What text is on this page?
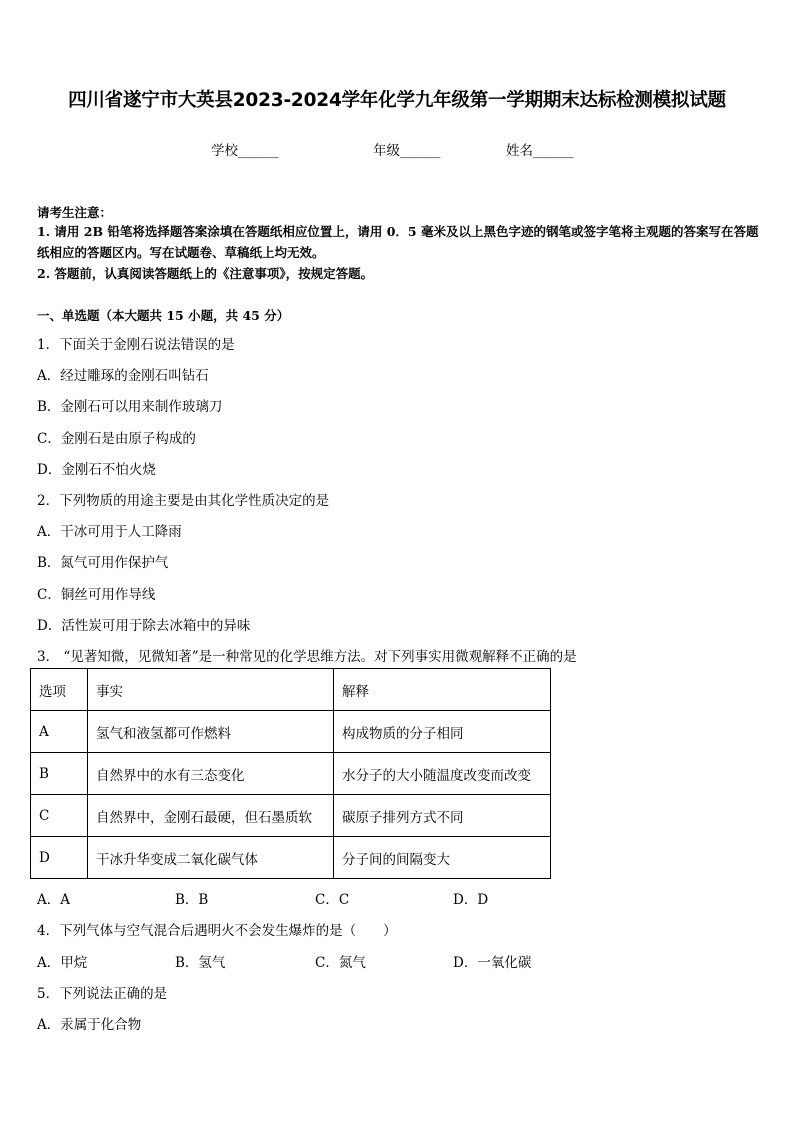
四川省遂宁市大英县2023-2024学年化学九年级第一学期期末达标检测模拟试题
学校______	年级______	姓名______
请考生注意：
1. 请用 2B 铅笔将选择题答案涂填在答题纸相应位置上，请用 0．5 毫米及以上黑色字迹的钢笔或签字笔将主观题的答案写在答题纸相应的答题区内。写在试题卷、草稿纸上均无效。
2. 答题前，认真阅读答题纸上的《注意事项》，按规定答题。
一、单选题（本大题共 15 小题，共 45 分）
1．下面关于金刚石说法错误的是
A．经过雕琢的金刚石叫钻石
B．金刚石可以用来制作玻璃刀
C．金刚石是由原子构成的
D．金刚石不怕火烧
2．下列物质的用途主要是由其化学性质决定的是
A．干冰可用于人工降雨
B．氮气可用作保护气
C．铜丝可用作导线
D．活性炭可用于除去冰箱中的异味
3． “见著知微，见微知著”是一种常见的化学思维方法。对下列事实用微观解释不正确的是
选项	事实	解释
A	氢气和液氢都可作燃料	构成物质的分子相同
B	自然界中的水有三态变化	水分子的大小随温度改变而改变
C	自然界中，金刚石最硬，但石墨质软	碳原子排列方式不同
D	干冰升华变成二氧化碳气体	分子间的间隔变大
A．A	B．B	C．C	D．D
4．下列气体与空气混合后遇明火不会发生爆炸的是（　　）
A．甲烷	B．氢气	C．氮气	D．一氧化碳
5．下列说法正确的是
A．汞属于化合物
